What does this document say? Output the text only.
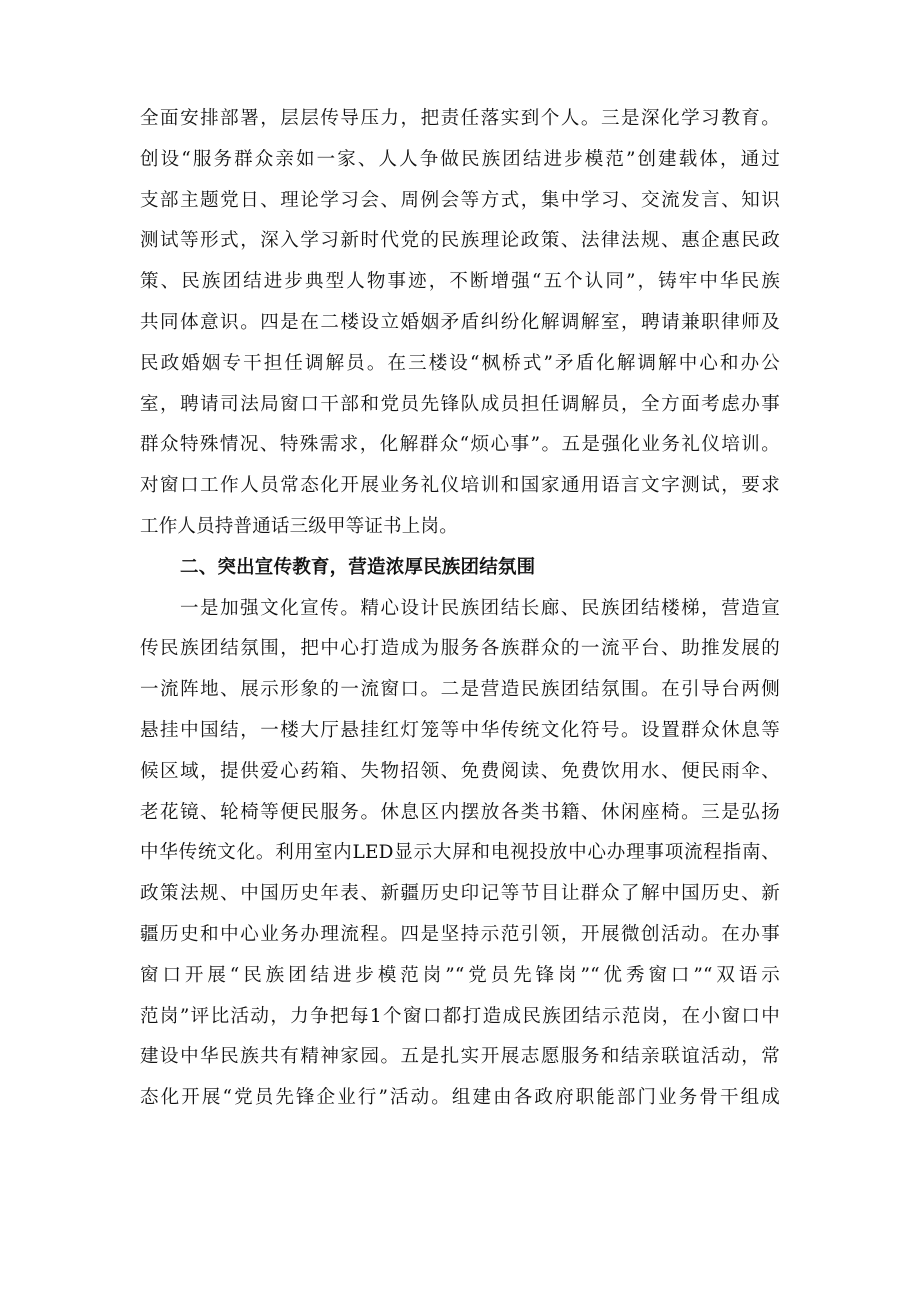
全面安排部署，层层传导压力，把责任落实到个人。三是深化学习教育。
创设“服务群众亲如一家、人人争做民族团结进步模范”创建载体，通过
支部主题党日、理论学习会、周例会等方式，集中学习、交流发言、知识
测试等形式，深入学习新时代党的民族理论政策、法律法规、惠企惠民政
策、民族团结进步典型人物事迹，不断增强“五个认同”，铸牢中华民族
共同体意识。四是在二楼设立婚姻矛盾纠纷化解调解室，聘请兼职律师及
民政婚姻专干担任调解员。在三楼设“枫桥式”矛盾化解调解中心和办公
室，聘请司法局窗口干部和党员先锋队成员担任调解员，全方面考虑办事
群众特殊情况、特殊需求，化解群众“烦心事”。五是强化业务礼仪培训。
对窗口工作人员常态化开展业务礼仪培训和国家通用语言文字测试，要求
工作人员持普通话三级甲等证书上岗。
二、突出宣传教育，营造浓厚民族团结氛围
一是加强文化宣传。精心设计民族团结长廊、民族团结楼梯，营造宣
传民族团结氛围，把中心打造成为服务各族群众的一流平台、助推发展的
一流阵地、展示形象的一流窗口。二是营造民族团结氛围。在引导台两侧
悬挂中国结，一楼大厅悬挂红灯笼等中华传统文化符号。设置群众休息等
候区域，提供爱心药箱、失物招领、免费阅读、免费饮用水、便民雨伞、
老花镜、轮椅等便民服务。休息区内摆放各类书籍、休闲座椅。三是弘扬
中华传统文化。利用室内LED显示大屏和电视投放中心办理事项流程指南、
政策法规、中国历史年表、新疆历史印记等节目让群众了解中国历史、新
疆历史和中心业务办理流程。四是坚持示范引领，开展微创活动。在办事
窗口开展“民族团结进步模范岗”“党员先锋岗”“优秀窗口”“双语示
范岗”评比活动，力争把每1个窗口都打造成民族团结示范岗，在小窗口中
建设中华民族共有精神家园。五是扎实开展志愿服务和结亲联谊活动，常
态化开展“党员先锋企业行”活动。组建由各政府职能部门业务骨干组成
